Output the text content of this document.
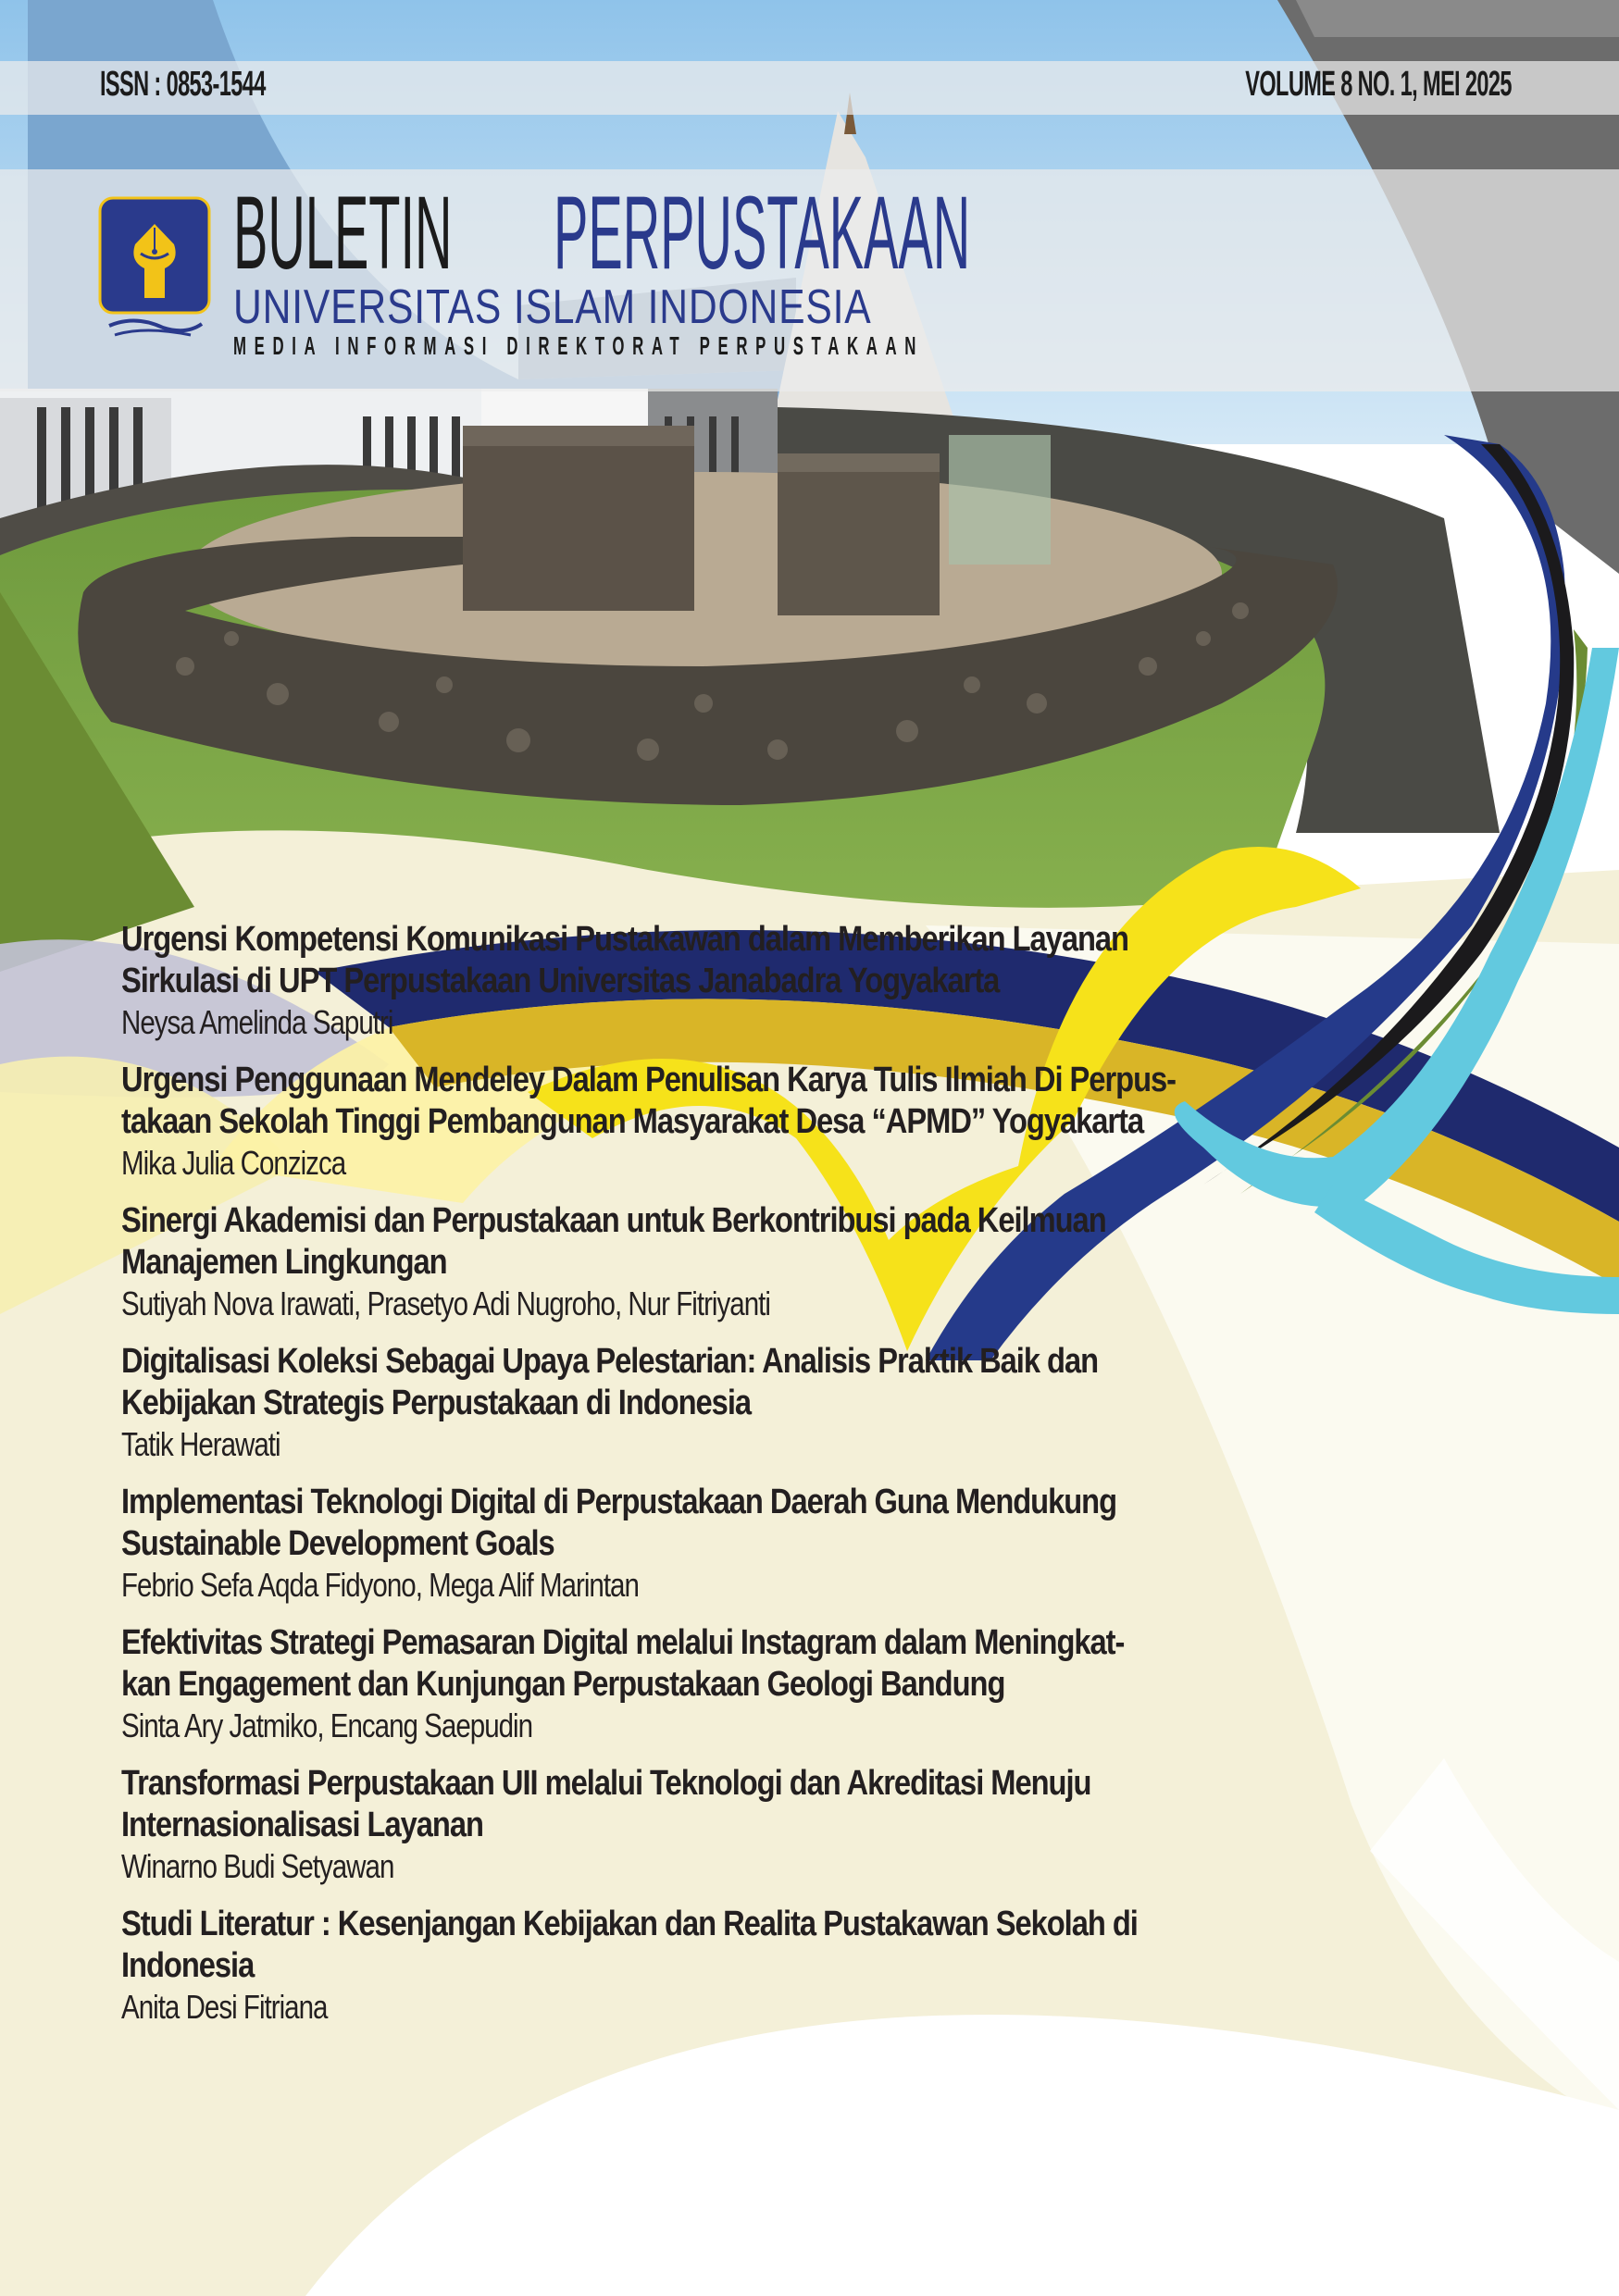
ISSN : 0853-1544	VOLUME 8 NO. 1, MEI 2025
BULETIN PERPUSTAKAAN
UNIVERSITAS ISLAM INDONESIA
MEDIA INFORMASI DIREKTORAT PERPUSTAKAAN
Urgensi Kompetensi Komunikasi Pustakawan dalam Memberikan Layanan
Sirkulasi di UPT Perpustakaan Universitas Janabadra Yogyakarta
Neysa Amelinda Saputri
Urgensi Penggunaan Mendeley Dalam Penulisan Karya Tulis Ilmiah Di Perpus-
takaan Sekolah Tinggi Pembangunan Masyarakat Desa “APMD” Yogyakarta
Mika Julia Conzizca
Sinergi Akademisi dan Perpustakaan untuk Berkontribusi pada Keilmuan
Manajemen Lingkungan
Sutiyah Nova Irawati, Prasetyo Adi Nugroho, Nur Fitriyanti
Digitalisasi Koleksi Sebagai Upaya Pelestarian: Analisis Praktik Baik dan
Kebijakan Strategis Perpustakaan di Indonesia
Tatik Herawati
Implementasi Teknologi Digital di Perpustakaan Daerah Guna Mendukung
Sustainable Development Goals
Febrio Sefa Aqda Fidyono, Mega Alif Marintan
Efektivitas Strategi Pemasaran Digital melalui Instagram dalam Meningkat-
kan Engagement dan Kunjungan Perpustakaan Geologi Bandung
Sinta Ary Jatmiko, Encang Saepudin
Transformasi Perpustakaan UII melalui Teknologi dan Akreditasi Menuju
Internasionalisasi Layanan
Winarno Budi Setyawan
Studi Literatur : Kesenjangan Kebijakan dan Realita Pustakawan Sekolah di
Indonesia
Anita Desi Fitriana
